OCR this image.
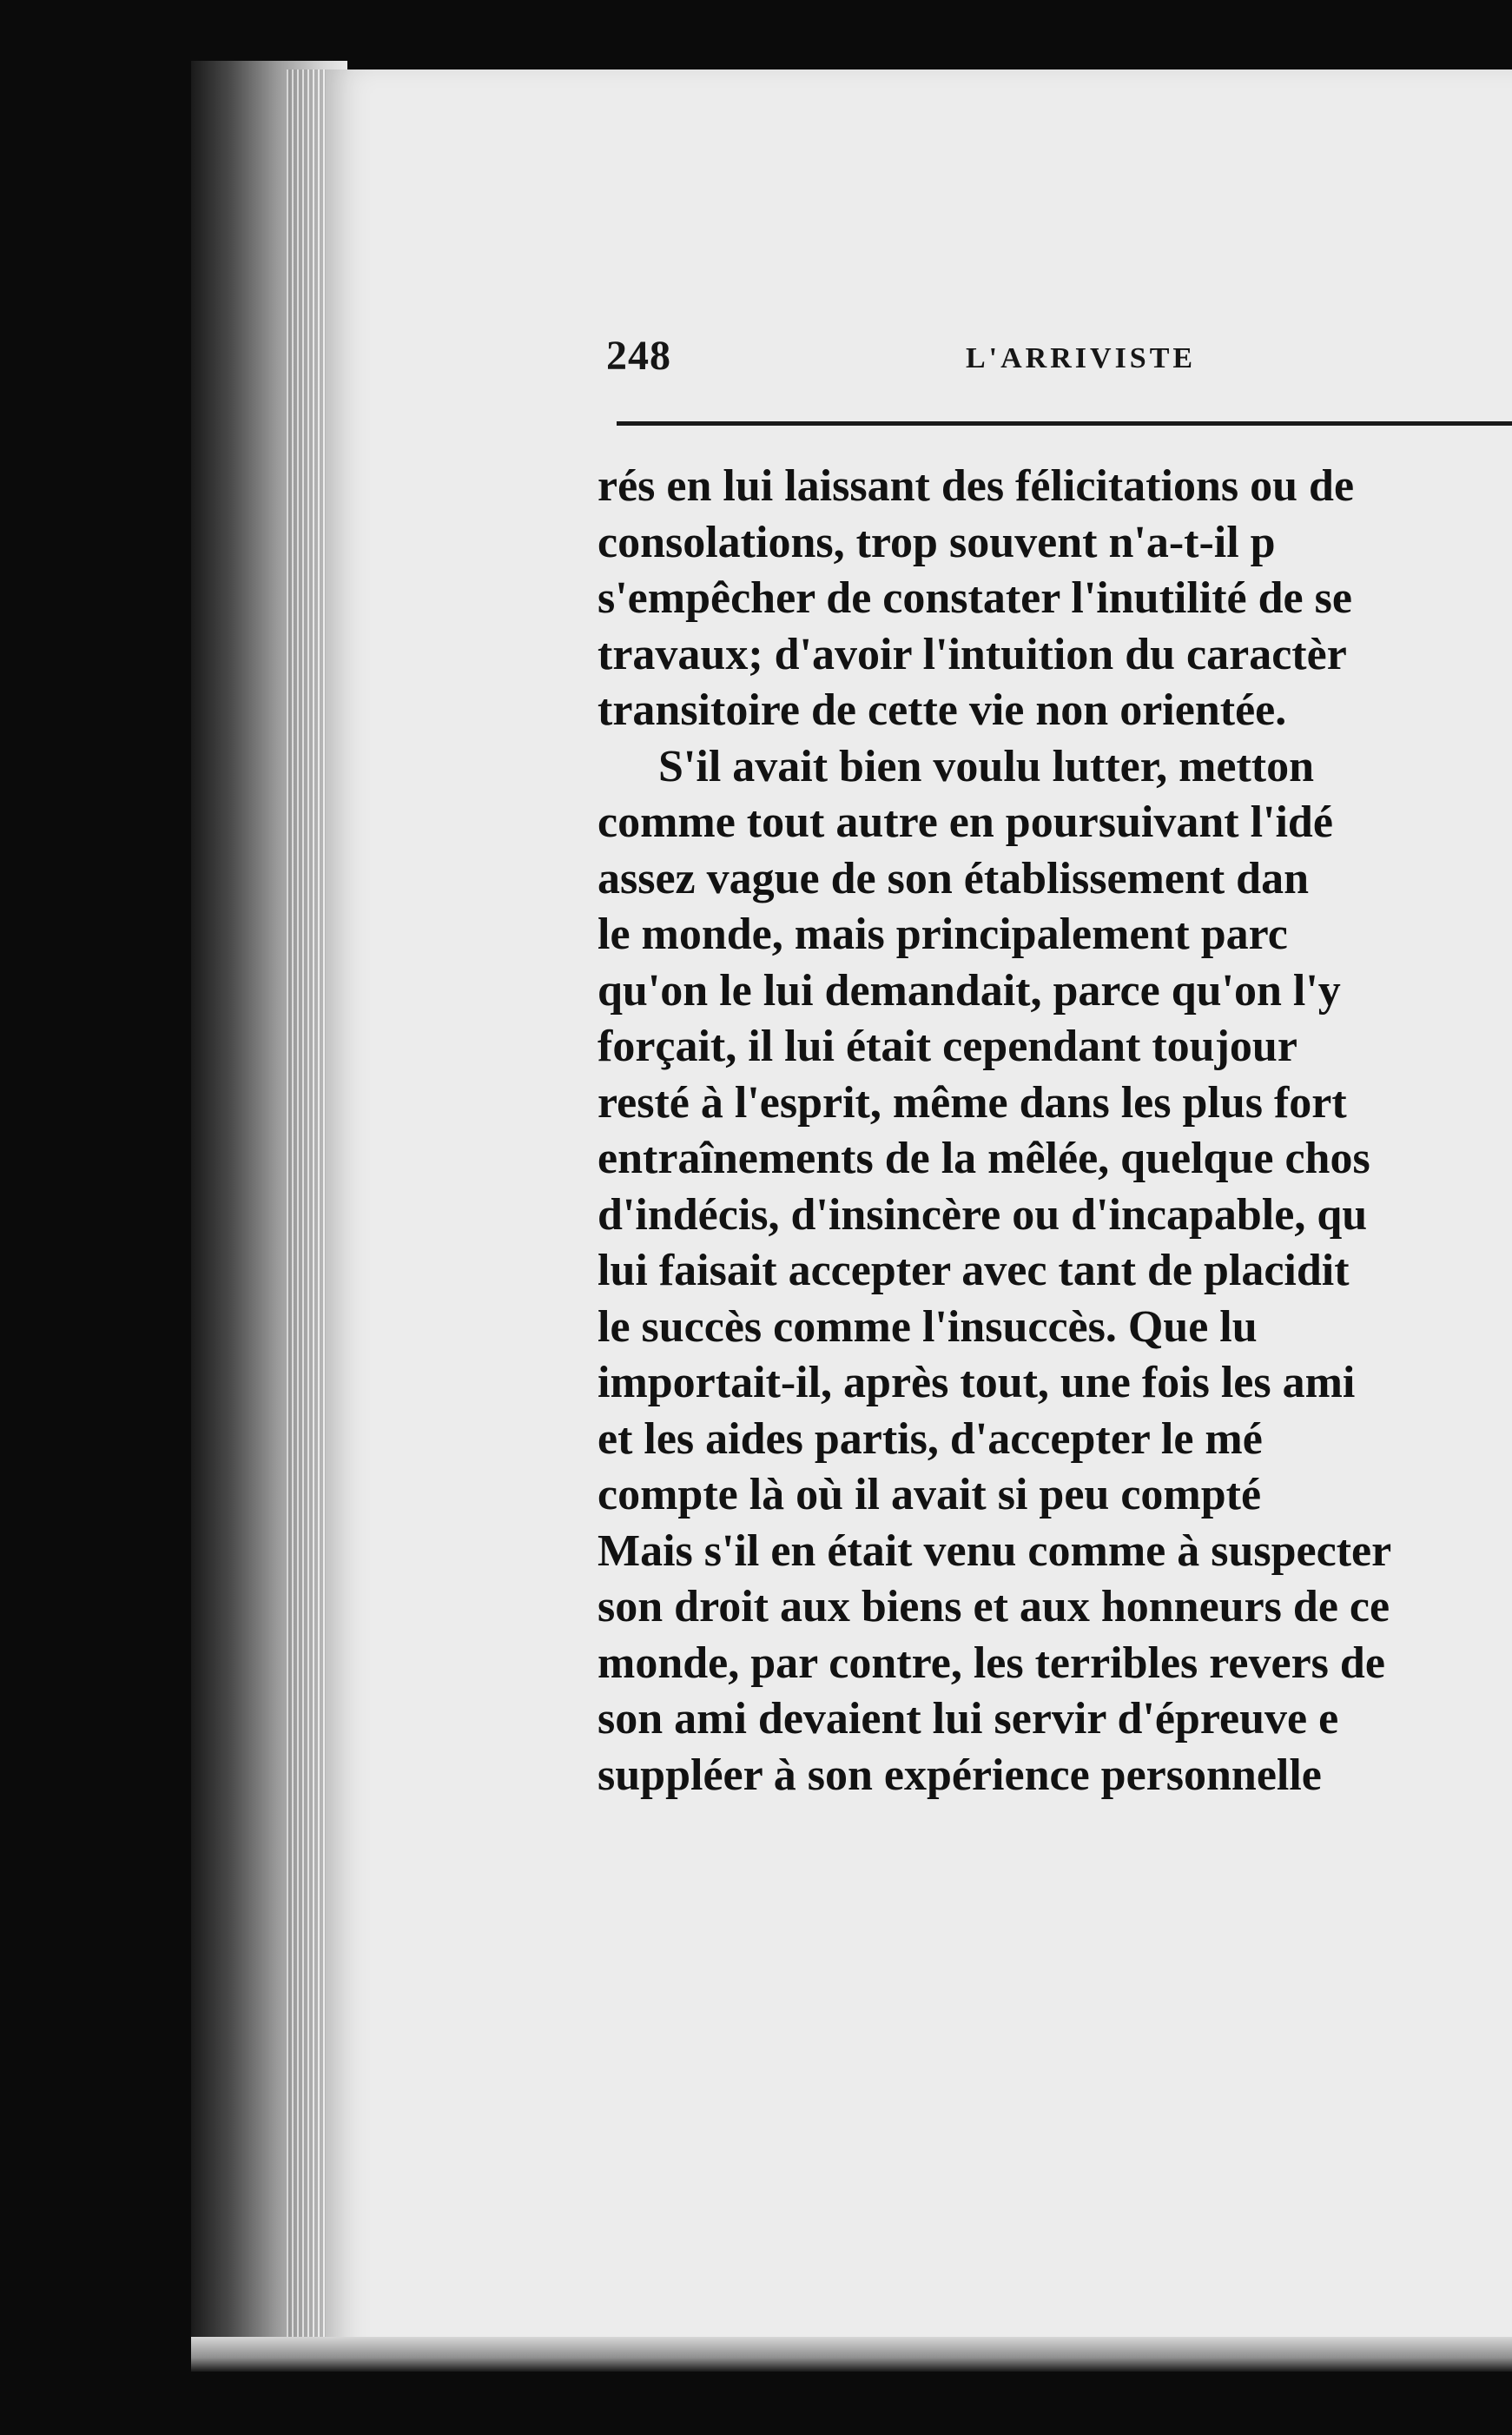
248	L'ARRIVISTE
rés en lui laissant des félicitations ou de
consolations, trop souvent n'a-t-il p
s'empêcher de constater l'inutilité de se
travaux; d'avoir l'intuition du caractèr
transitoire de cette vie non orientée.
S'il avait bien voulu lutter, metton
comme tout autre en poursuivant l'idé
assez vague de son établissement dan
le monde, mais principalement parc
qu'on le lui demandait, parce qu'on l'y
forçait, il lui était cependant toujour
resté à l'esprit, même dans les plus fort
entraînements de la mêlée, quelque chos
d'indécis, d'insincère ou d'incapable, qu
lui faisait accepter avec tant de placidit
le succès comme l'insuccès. Que lu
importait-il, après tout, une fois les ami
et les aides partis, d'accepter le mé
compte là où il avait si peu compté
Mais s'il en était venu comme à suspecter
son droit aux biens et aux honneurs de ce
monde, par contre, les terribles revers de
son ami devaient lui servir d'épreuve e
suppléer à son expérience personnelle
